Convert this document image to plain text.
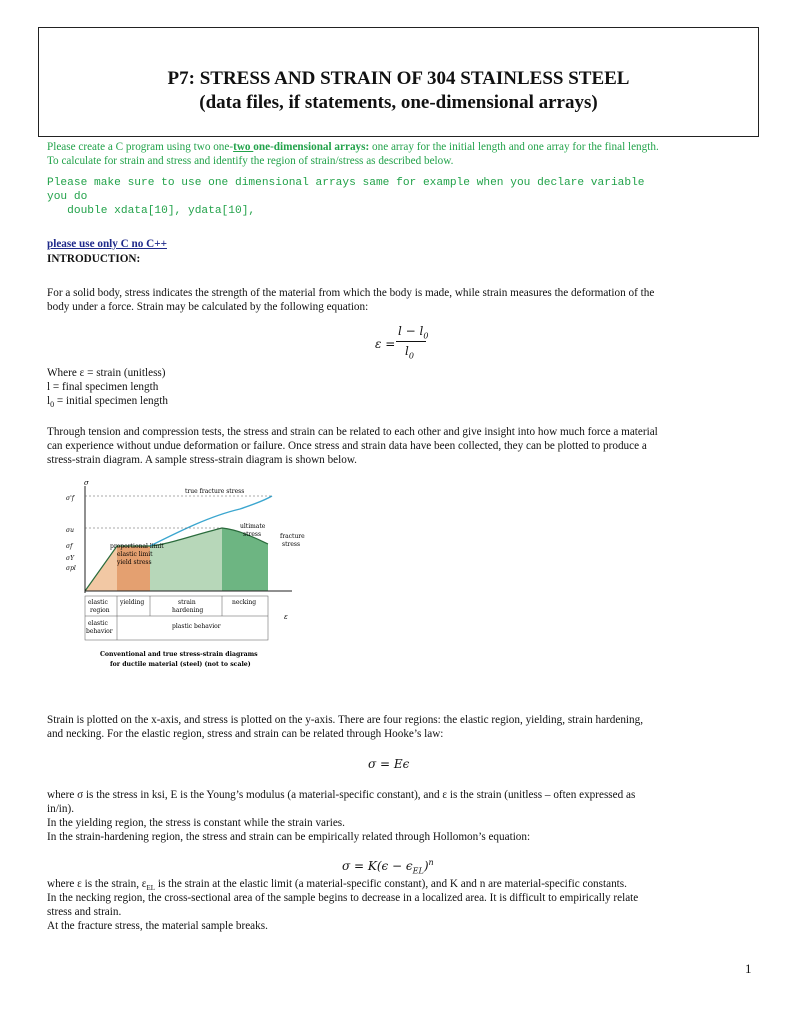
P7: STRESS AND STRAIN OF 304 STAINLESS STEEL
(data files, if statements, one-dimensional arrays)
Please create a C program using two one-two one-dimensional arrays: one array for the initial length and one array for the final length.
To calculate for strain and stress and identify the region of strain/stress as described below.
Please make sure to use one dimensional arrays same for example when you declare variable
you do
double xdata[10], ydata[10],
please use only C no C++
INTRODUCTION:
For a solid body, stress indicates the strength of the material from which the body is made, while strain measures the deformation of the
body under a force. Strain may be calculated by the following equation:
ε =
$l - l_0$
$l_0$
Where ε = strain (unitless)
l = final specimen length
$l_0$ = initial specimen length
Through tension and compression tests, the stress and strain can be related to each other and give insight into how much force a material
can experience without undue deformation or failure. Once stress and strain data have been collected, they can be plotted to produce a
stress-strain diagram. A sample stress-strain diagram is shown below.
σ
ε
σ'f
σu
σf
σY
σpl
true fracture stress
ultimate
stress	fracture
stress
proportional limit
elastic limit
yield stress
elastic
region
yielding	strain
hardening
necking
elastic
behavior
plastic behavior
Conventional and true stress-strain diagrams
for ductile material (steel) (not to scale)
Strain is plotted on the x-axis, and stress is plotted on the y-axis. There are four regions: the elastic region, yielding, strain hardening,
and necking. For the elastic region, stress and strain can be related through Hooke’s law:
σ = Eϵ
where σ is the stress in ksi, E is the Young’s modulus (a material-specific constant), and ε is the strain (unitless – often expressed as
in/in).
In the yielding region, the stress is constant while the strain varies.
In the strain-hardening region, the stress and strain can be empirically related through Hollomon’s equation:
$\sigma = K(\epsilon - \epsilon_{EL})^n$
where ε is the strain, $\varepsilon_{EL}$ is the strain at the elastic limit (a material-specific constant), and K and n are material-specific constants.
In the necking region, the cross-sectional area of the sample begins to decrease in a localized area. It is difficult to empirically relate
stress and strain.
At the fracture stress, the material sample breaks.
1
